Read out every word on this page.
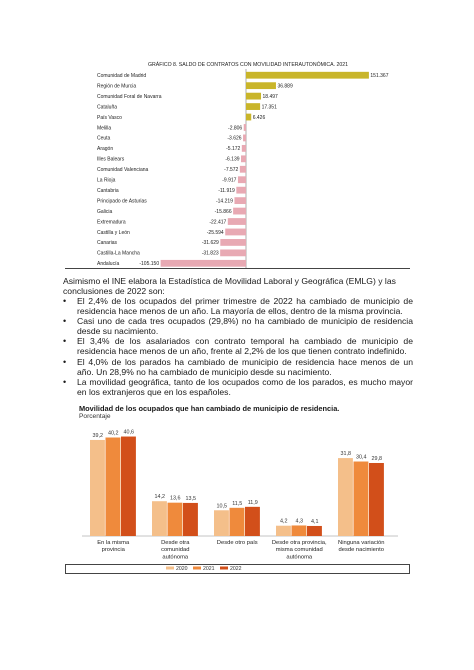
GRÁFICO 8. SALDO DE CONTRATOS CON MOVILIDAD INTERAUTONÓMICA. 2021
Comunidad de Madrid	151.367
Región de Murcia	36.889
Comunidad Foral de Navarra	18.497
Cataluña	17.351
País Vasco	6.426
Melilla	-2.806
Ceuta	-3.626
Aragón	-5.172
Illes Balears	-6.139
Comunidad Valenciana	-7.572
La Rioja	-9.917
Cantabria	-11.919
Principado de Asturias	-14.219
Galicia	-15.866
Extremadura	-22.417
Castilla y León	-25.594
Canarias	-31.629
Castilla-La Mancha	-31.823
Andalucía	-105.150
Asimismo el INE elabora la Estadística de Movilidad Laboral y Geográfica (EMLG) y las conclusiones de 2022 son:
• El 2,4% de los ocupados del primer trimestre de 2022 ha cambiado de municipio de residencia hace menos de un año. La mayoría de ellos, dentro de la misma provincia.
• Casi uno de cada tres ocupados (29,8%) no ha cambiado de municipio de residencia desde su nacimiento.
• El 3,4% de los asalariados con contrato temporal ha cambiado de municipio de residencia hace menos de un año, frente al 2,2% de los que tienen contrato indefinido.
• El 4,0% de los parados ha cambiado de municipio de residencia hace menos de un año. Un 28,9% no ha cambiado de municipio desde su nacimiento.
• La movilidad geográfica, tanto de los ocupados como de los parados, es mucho mayor en los extranjeros que en los españoles.
Movilidad de los ocupados que han cambiado de municipio de residencia.
Porcentaje
39,2 40,2 40,6
14,2 13,6 13,5
10,5 11,5 11,9
4,2 4,3 4,1
31,8
30,4 29,8
En la misma
provincia
Desde otra
comunidad
autónoma
Desde otro país Desde otra provincia,
misma comunidad
autónoma
Ninguna variación
desde nacimiento
2020	2021	2022
